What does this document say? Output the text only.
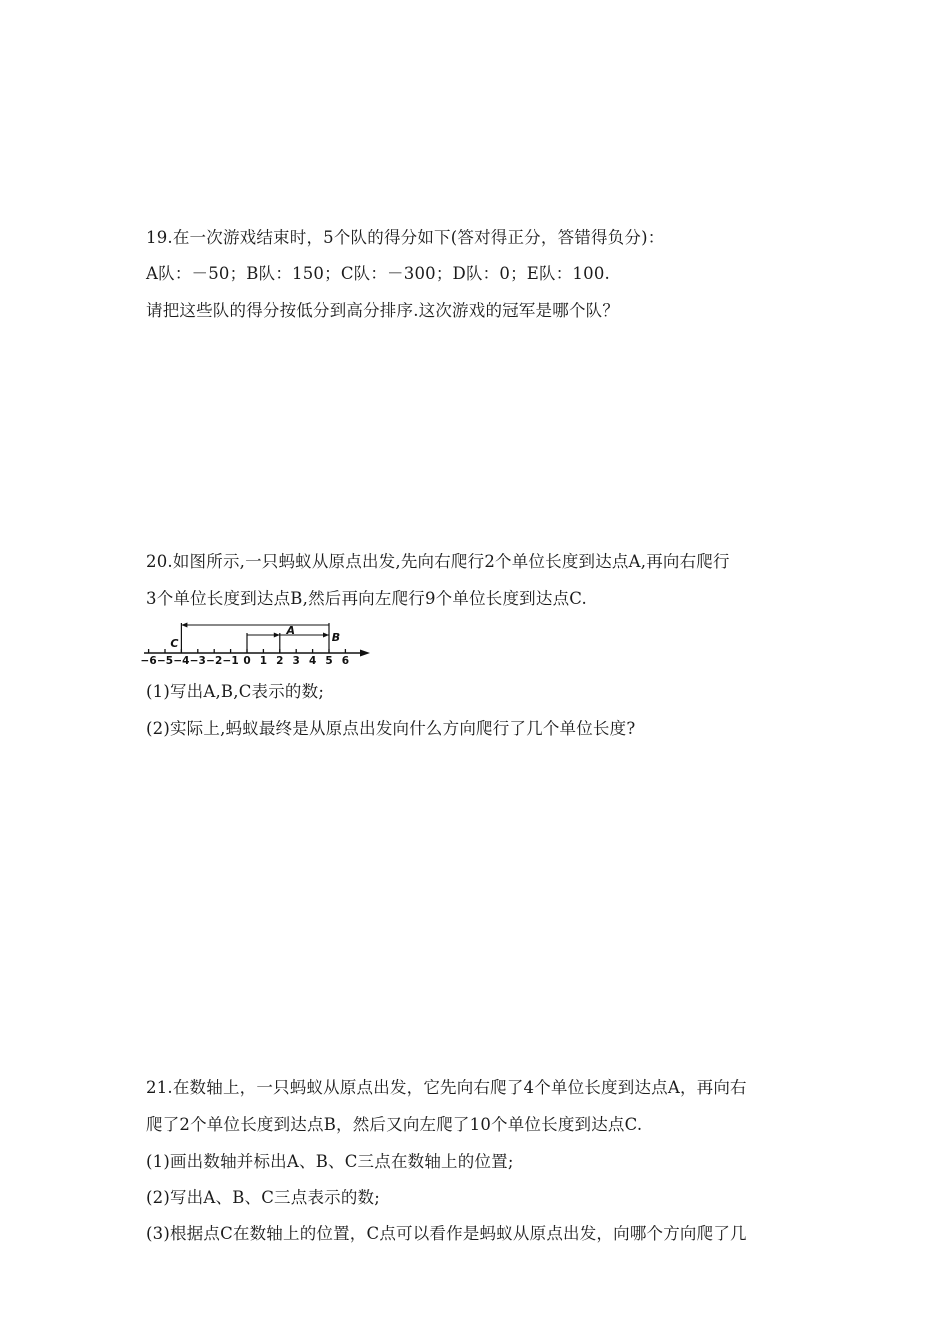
19.在一次游戏结束时，5个队的得分如下(答对得正分，答错得负分)：
A队：－50；B队：150；C队：－300；D队：0；E队：100.
请把这些队的得分按低分到高分排序.这次游戏的冠军是哪个队？
20.如图所示,一只蚂蚁从原点出发,先向右爬行2个单位长度到达点A,再向右爬行
3个单位长度到达点B,然后再向左爬行9个单位长度到达点C.
−6 −5 −4 −3 −2 −1 0 1 2 3 4 5 6
C
A
B
(1)写出A,B,C表示的数;
(2)实际上,蚂蚁最终是从原点出发向什么方向爬行了几个单位长度?
21.在数轴上，一只蚂蚁从原点出发，它先向右爬了4个单位长度到达点A，再向右
爬了2个单位长度到达点B，然后又向左爬了10个单位长度到达点C.
(1)画出数轴并标出A、B、C三点在数轴上的位置;
(2)写出A、B、C三点表示的数;
(3)根据点C在数轴上的位置，C点可以看作是蚂蚁从原点出发，向哪个方向爬了几
